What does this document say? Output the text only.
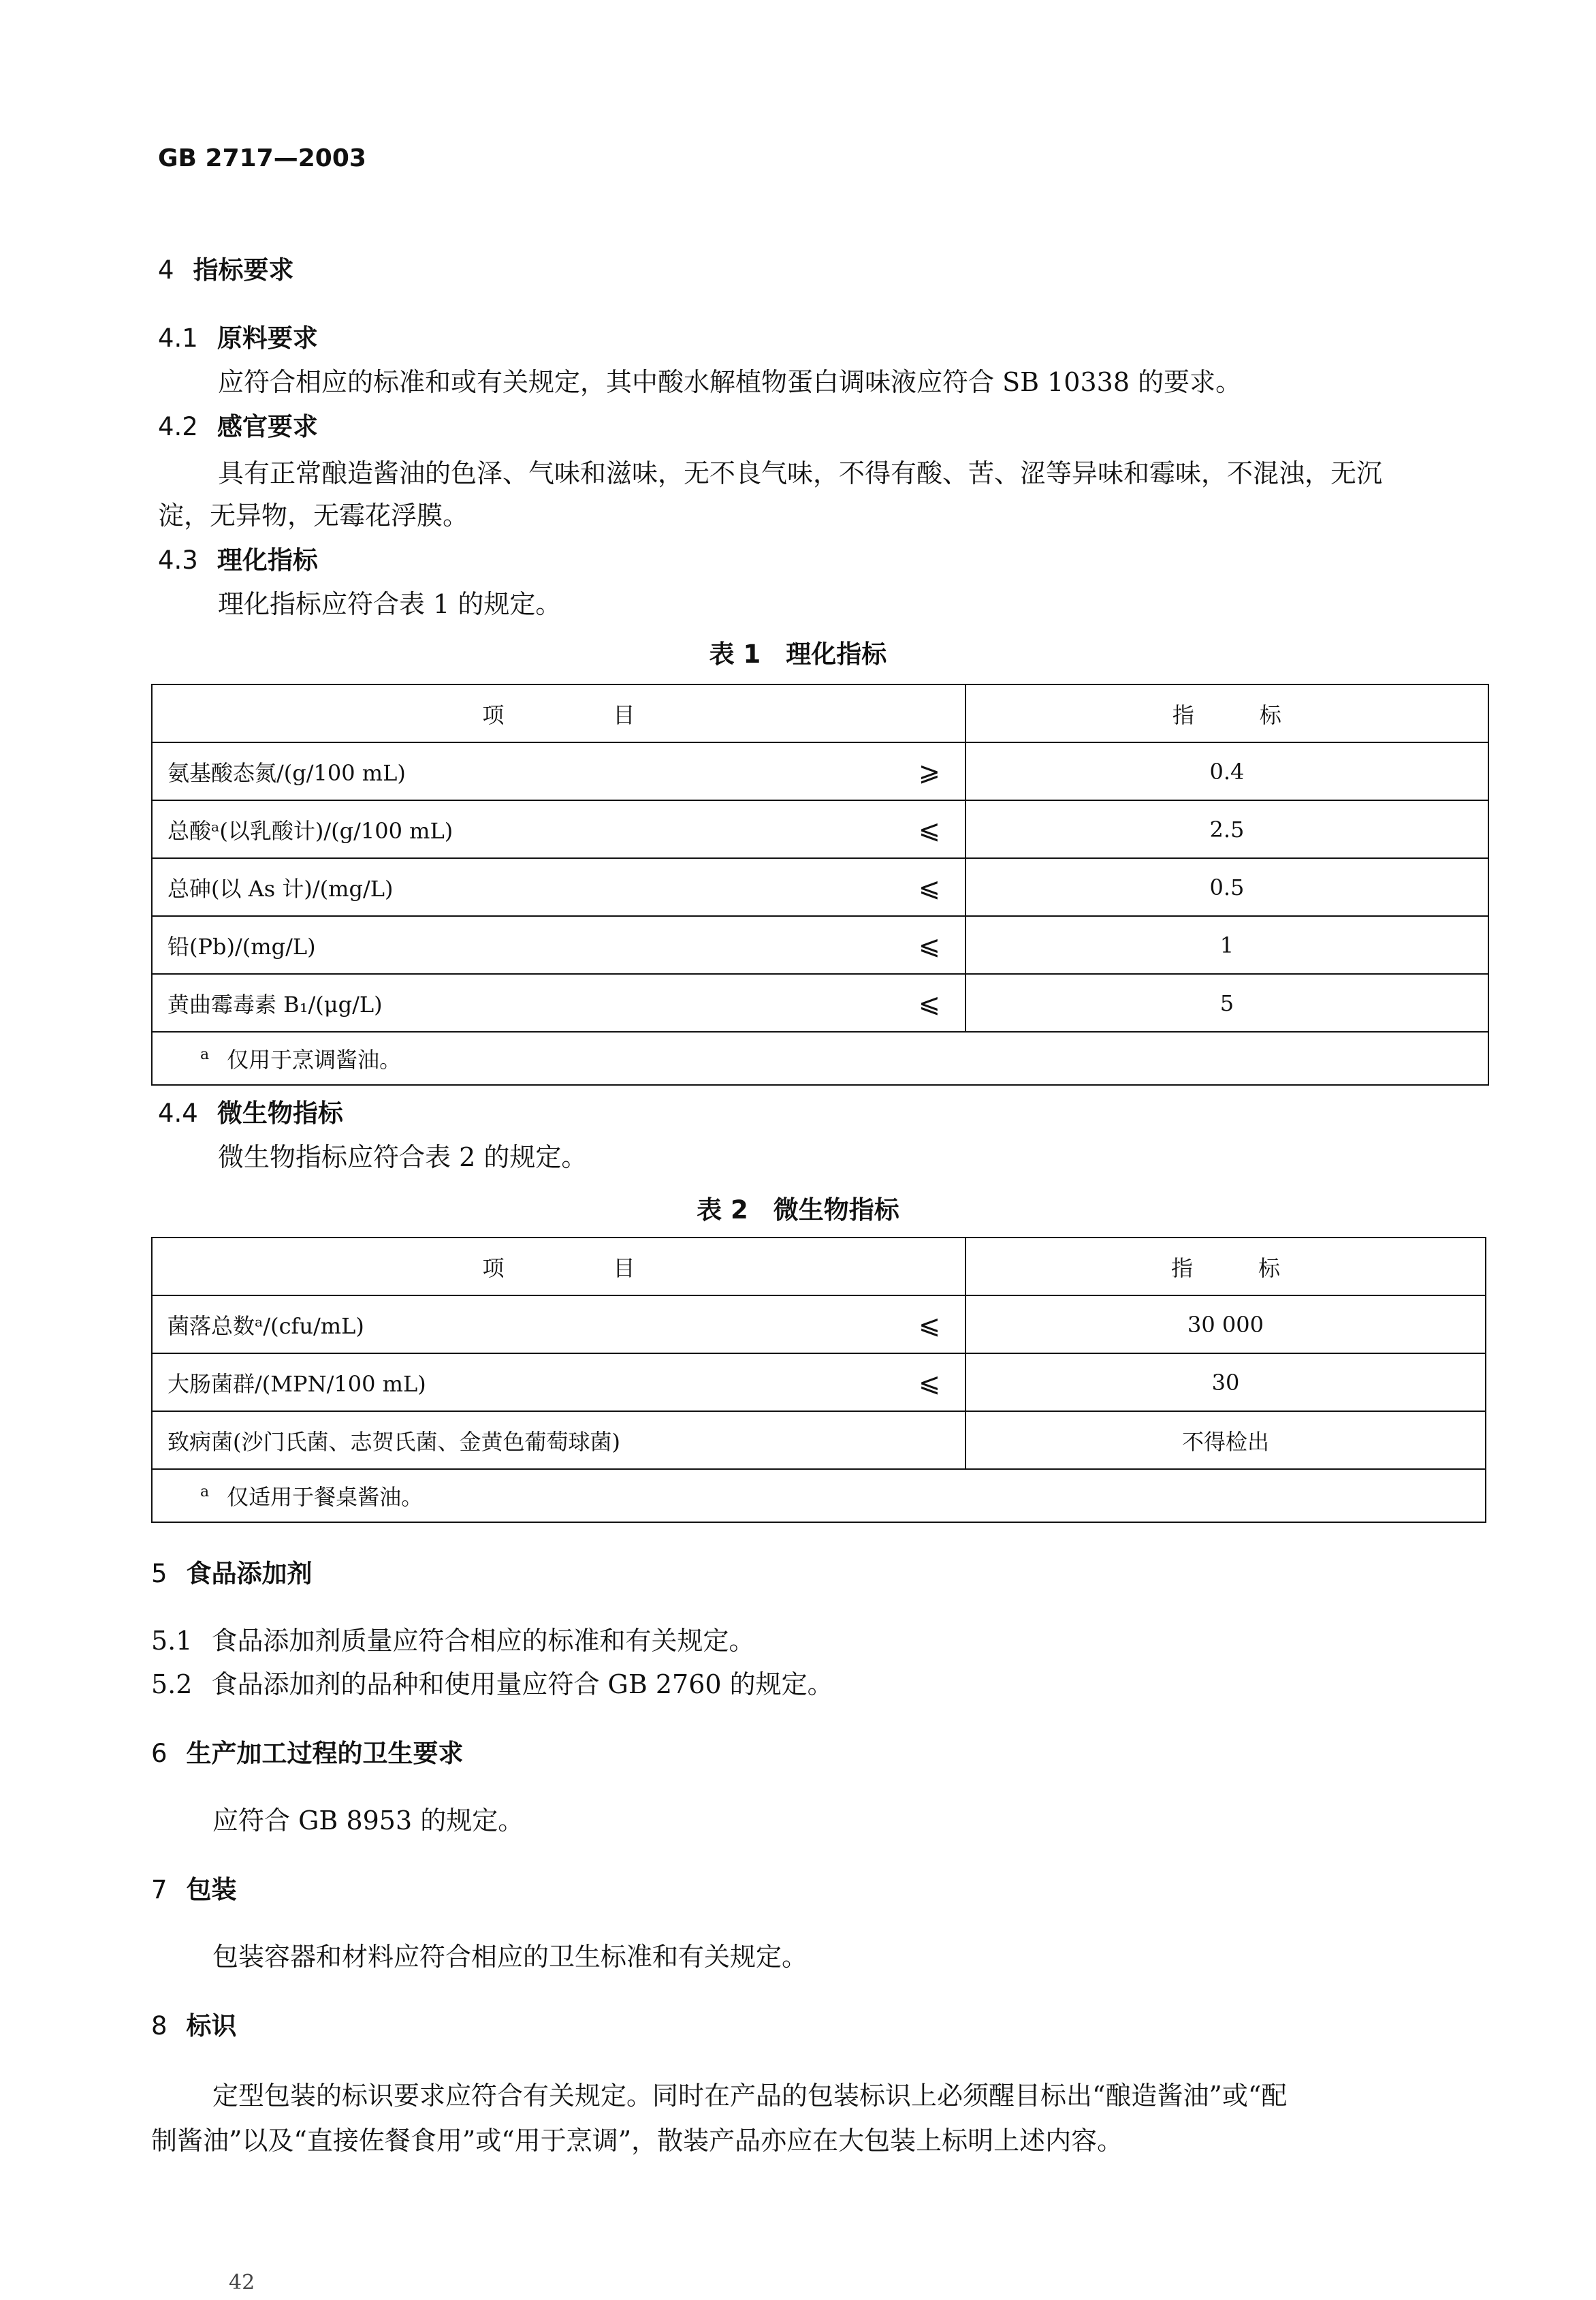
GB 2717—2003
4 指标要求
4.1 原料要求
应符合相应的标准和或有关规定，其中酸水解植物蛋白调味液应符合 SB 10338 的要求。
4.2 感官要求
具有正常酿造酱油的色泽、气味和滋味，无不良气味，不得有酸、苦、涩等异味和霉味，不混浊，无沉
淀，无异物，无霉花浮膜。
4.3 理化指标
理化指标应符合表 1 的规定。
表 1　理化指标
项　　　　　目		指　　　标
氨基酸态氮/(g/100 mL)	⩾	0.4
总酸ᵃ(以乳酸计)/(g/100 mL)	⩽	2.5
总砷(以 As 计)/(mg/L)	⩽	0.5
铅(Pb)/(mg/L)	⩽	1
黄曲霉毒素 B₁/(μg/L)	⩽	5
$^a$ 仅用于烹调酱油。		
4.4 微生物指标
微生物指标应符合表 2 的规定。
表 2　微生物指标
项　　　　　目		指　　　标
菌落总数ᵃ/(cfu/mL)	⩽	30 000
大肠菌群/(MPN/100 mL)	⩽	30
致病菌(沙门氏菌、志贺氏菌、金黄色葡萄球菌)		不得检出
$^a$ 仅适用于餐桌酱油。		
5 食品添加剂
5.1 食品添加剂质量应符合相应的标准和有关规定。
5.2 食品添加剂的品种和使用量应符合 GB 2760 的规定。
6 生产加工过程的卫生要求
应符合 GB 8953 的规定。
7 包装
包装容器和材料应符合相应的卫生标准和有关规定。
8 标识
定型包装的标识要求应符合有关规定。同时在产品的包装标识上必须醒目标出“酿造酱油”或“配
制酱油”以及“直接佐餐食用”或“用于烹调”，散装产品亦应在大包装上标明上述内容。
42
